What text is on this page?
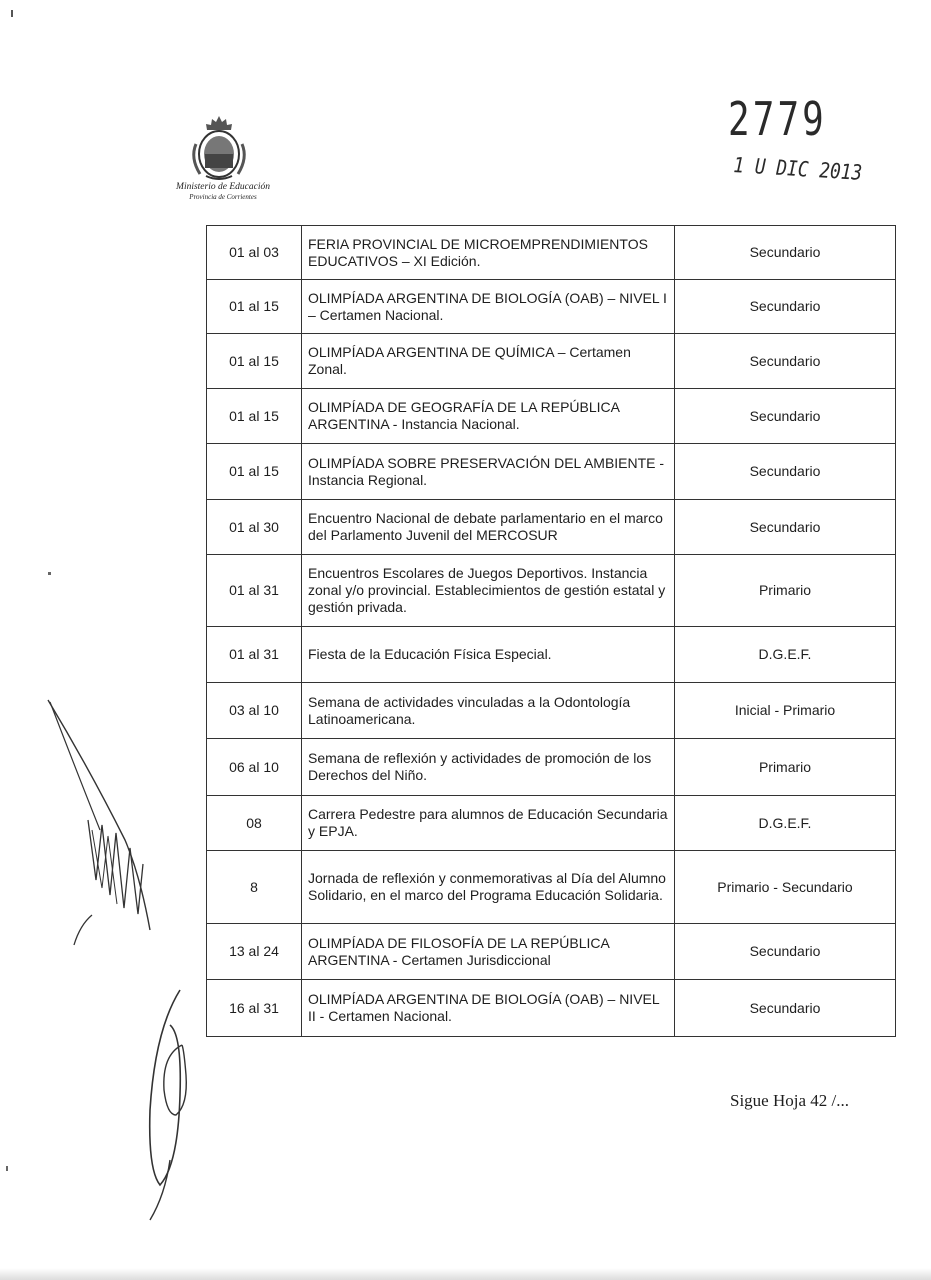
Ministerio de Educación
Provincia de Corrientes
2779
1 U DIC 2013
01 al 03	FERIA PROVINCIAL DE MICROEMPRENDIMIENTOS EDUCATIVOS – XI Edición.	Secundario
01 al 15	OLIMPÍADA ARGENTINA DE BIOLOGÍA (OAB) – NIVEL I – Certamen Nacional.	Secundario
01 al 15	OLIMPÍADA ARGENTINA DE QUÍMICA – Certamen Zonal.	Secundario
01 al 15	OLIMPÍADA DE GEOGRAFÍA DE LA REPÚBLICA ARGENTINA - Instancia Nacional.	Secundario
01 al 15	OLIMPÍADA SOBRE PRESERVACIÓN DEL AMBIENTE - Instancia Regional.	Secundario
01 al 30	Encuentro Nacional de debate parlamentario en el marco del Parlamento Juvenil del MERCOSUR	Secundario
01 al 31	Encuentros Escolares de Juegos Deportivos. Instancia zonal y/o provincial. Establecimientos de gestión estatal y gestión privada.	Primario
01 al 31	Fiesta de la Educación Física Especial.	D.G.E.F.
03 al 10	Semana de actividades vinculadas a la Odontología Latinoamericana.	Inicial - Primario
06 al 10	Semana de reflexión y actividades de promoción de los Derechos del Niño.	Primario
08	Carrera Pedestre para alumnos de Educación Secundaria y EPJA.	D.G.E.F.
8	Jornada de reflexión y conmemorativas al Día del Alumno Solidario, en el marco del Programa Educación Solidaria.	Primario - Secundario
13 al 24	OLIMPÍADA DE FILOSOFÍA DE LA REPÚBLICA ARGENTINA - Certamen Jurisdiccional	Secundario
16 al 31	OLIMPÍADA ARGENTINA DE BIOLOGÍA (OAB) – NIVEL II - Certamen Nacional.	Secundario
Sigue Hoja 42 /...
